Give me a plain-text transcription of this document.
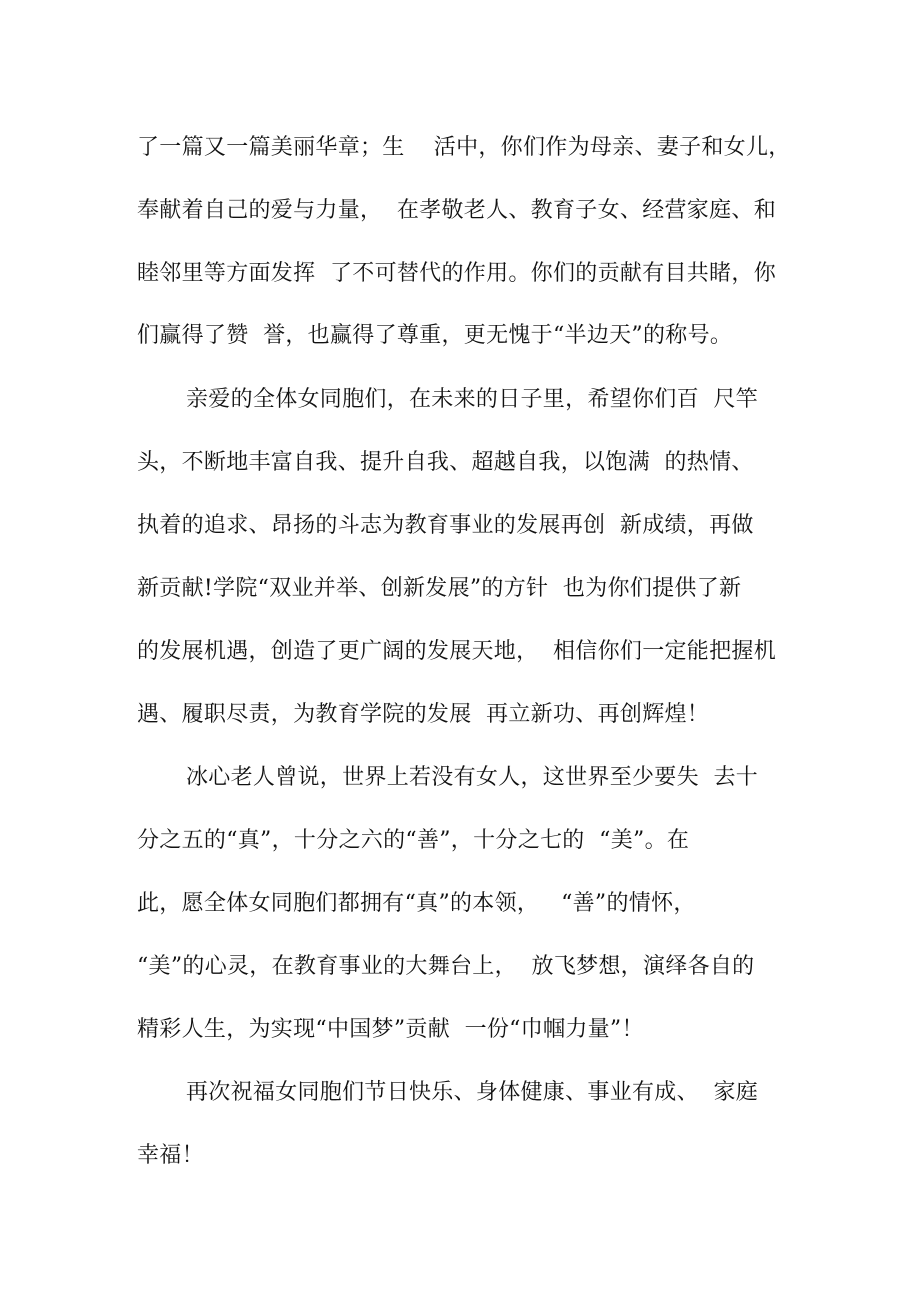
了一篇又一篇美丽华章；生    活中，你们作为母亲、妻子和女儿，
奉献着自己的爱与力量，  在孝敬老人、教育子女、经营家庭、和
睦邻里等方面发挥  了不可替代的作用。你们的贡献有目共睹，你
们赢得了赞  誉，也赢得了尊重，更无愧于“半边天”的称号。
亲爱的全体女同胞们，在未来的日子里，希望你们百  尺竿
头，不断地丰富自我、提升自我、超越自我，以饱满  的热情、
执着的追求、昂扬的斗志为教育事业的发展再创  新成绩，再做
新贡献!学院“双业并举、创新发展”的方针  也为你们提供了新
的发展机遇，创造了更广阔的发展天地，  相信你们一定能把握机
遇、履职尽责，为教育学院的发展  再立新功、再创辉煌！
冰心老人曾说，世界上若没有女人，这世界至少要失  去十
分之五的“真”，十分之六的“善”，十分之七的  “美”。在
此，愿全体女同胞们都拥有“真”的本领，   “善”的情怀，
“美”的心灵，在教育事业的大舞台上，  放飞梦想，演绎各自的
精彩人生，为实现“中国梦”贡献  一份“巾帼力量”！
再次祝福女同胞们节日快乐、身体健康、事业有成、  家庭
幸福！
